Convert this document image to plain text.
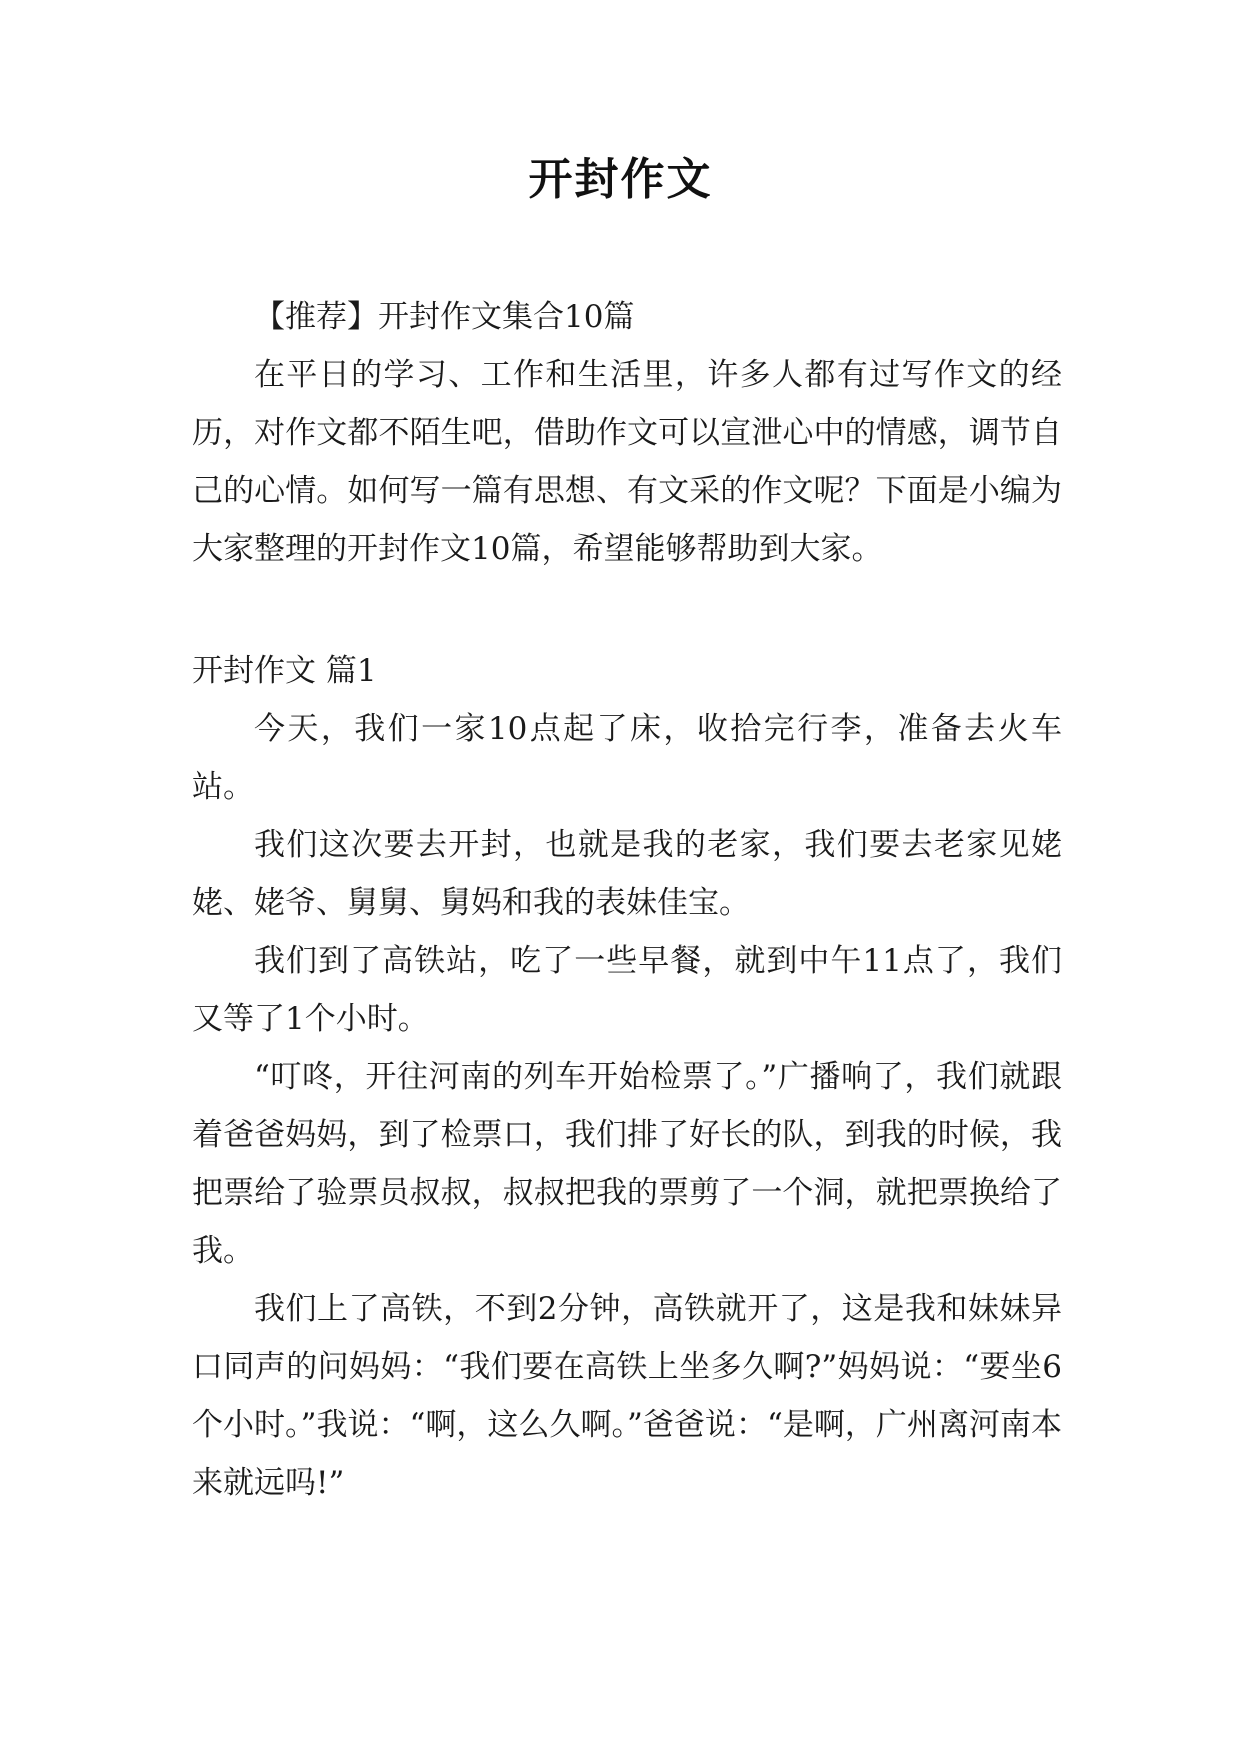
开封作文

【推荐】开封作文集合10篇

在平日的学习、工作和生活里，许多人都有过写作文的经历，对作文都不陌生吧，借助作文可以宣泄心中的情感，调节自己的心情。如何写一篇有思想、有文采的作文呢？下面是小编为大家整理的开封作文10篇，希望能够帮助到大家。

开封作文 篇1

今天，我们一家10点起了床，收拾完行李，准备去火车站。

我们这次要去开封，也就是我的老家，我们要去老家见姥姥、姥爷、舅舅、舅妈和我的表妹佳宝。

我们到了高铁站，吃了一些早餐，就到中午11点了，我们又等了1个小时。

“叮咚，开往河南的列车开始检票了。”广播响了，我们就跟着爸爸妈妈，到了检票口，我们排了好长的队，到我的时候，我把票给了验票员叔叔，叔叔把我的票剪了一个洞，就把票换给了我。

我们上了高铁，不到2分钟，高铁就开了，这是我和妹妹异口同声的问妈妈：“我们要在高铁上坐多久啊?”妈妈说：“要坐6个小时。”我说：“啊，这么久啊。”爸爸说：“是啊，广州离河南本来就远吗!”
